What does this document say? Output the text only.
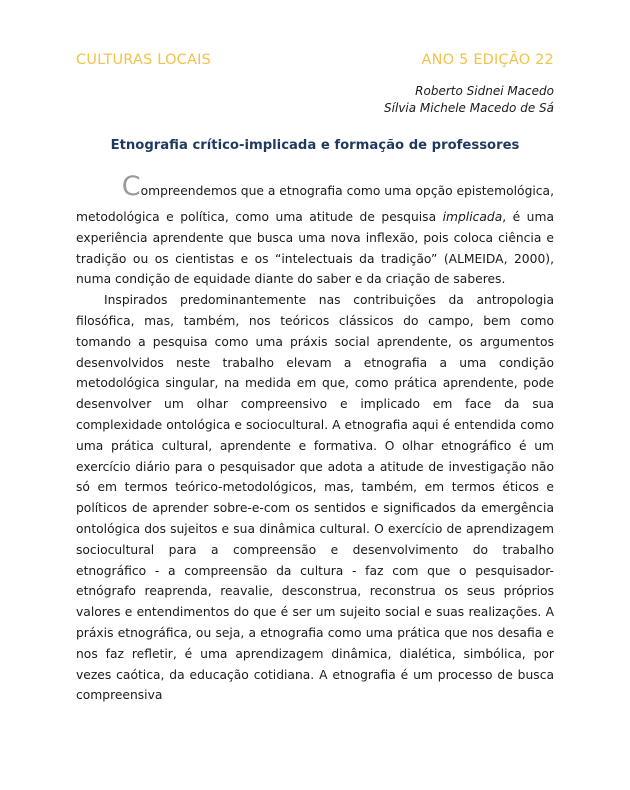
CULTURAS LOCAIS	ANO 5 EDIÇÃO 22
Roberto Sidnei Macedo
Sílvia Michele Macedo de Sá
Etnografia crítico-implicada e formação de professores
Compreendemos que a etnografia como uma opção epistemológica,

metodológica e política, como uma atitude de pesquisa implicada, é uma experiência aprendente que busca uma nova inflexão, pois coloca ciência e tradição ou os cientistas e os “intelectuais da tradição” (ALMEIDA, 2000), numa condição de equidade diante do saber e da criação de saberes.

Inspirados predominantemente nas contribuições da antropologia filosófica, mas, também, nos teóricos clássicos do campo, bem como tomando a pesquisa como uma práxis social aprendente, os argumentos desenvolvidos neste trabalho elevam a etnografia a uma condição metodológica singular, na medida em que, como prática aprendente, pode desenvolver um olhar compreensivo e implicado em face da sua complexidade ontológica e sociocultural. A etnografia aqui é entendida como uma prática cultural, aprendente e formativa. O olhar etnográfico é um exercício diário para o pesquisador que adota a atitude de investigação não só em termos teórico-metodológicos, mas, também, em termos éticos e políticos de aprender sobre-e-com os sentidos e significados da emergência ontológica dos sujeitos e sua dinâmica cultural. O exercício de aprendizagem sociocultural para a compreensão e desenvolvimento do trabalho etnográfico - a compreensão da cultura - faz com que o pesquisador- etnógrafo reaprenda, reavalie, desconstrua, reconstrua os seus próprios valores e entendimentos do que é ser um sujeito social e suas realizações. A práxis etnográfica, ou seja, a etnografia como uma prática que nos desafia e nos faz refletir, é uma aprendizagem dinâmica, dialética, simbólica, por vezes caótica, da educação cotidiana. A etnografia é um processo de busca compreensiva
